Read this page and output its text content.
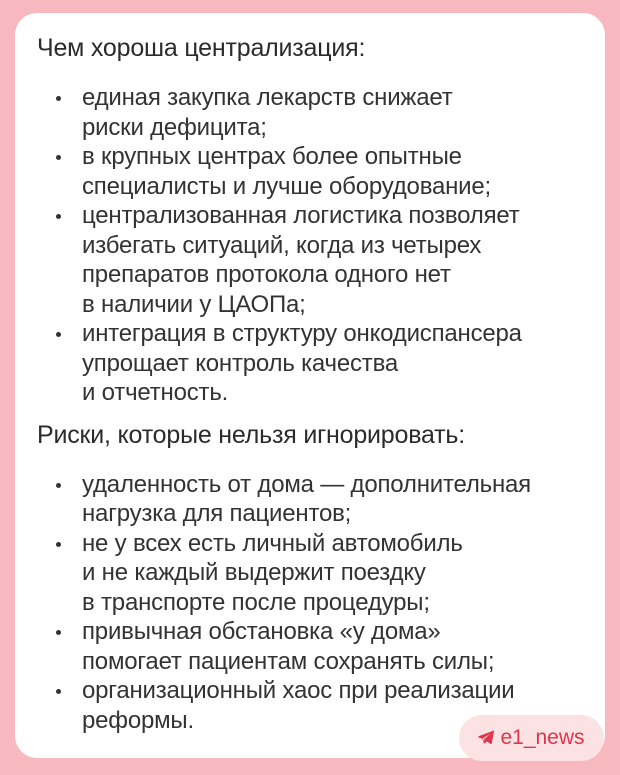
Чем хороша централизация:
единая закупка лекарств снижает
риски дефицита;
в крупных центрах более опытные
специалисты и лучше оборудование;
централизованная логистика позволяет
избегать ситуаций, когда из четырех
препаратов протокола одного нет
в наличии у ЦАОПа;
интеграция в структуру онкодиспансера
упрощает контроль качества
и отчетность.
Риски, которые нельзя игнорировать:
удаленность от дома — дополнительная
нагрузка для пациентов;
не у всех есть личный автомобиль
и не каждый выдержит поездку
в транспорте после процедуры;
привычная обстановка «у дома»
помогает пациентам сохранять силы;
организационный хаос при реализации
реформы.
e1_news
